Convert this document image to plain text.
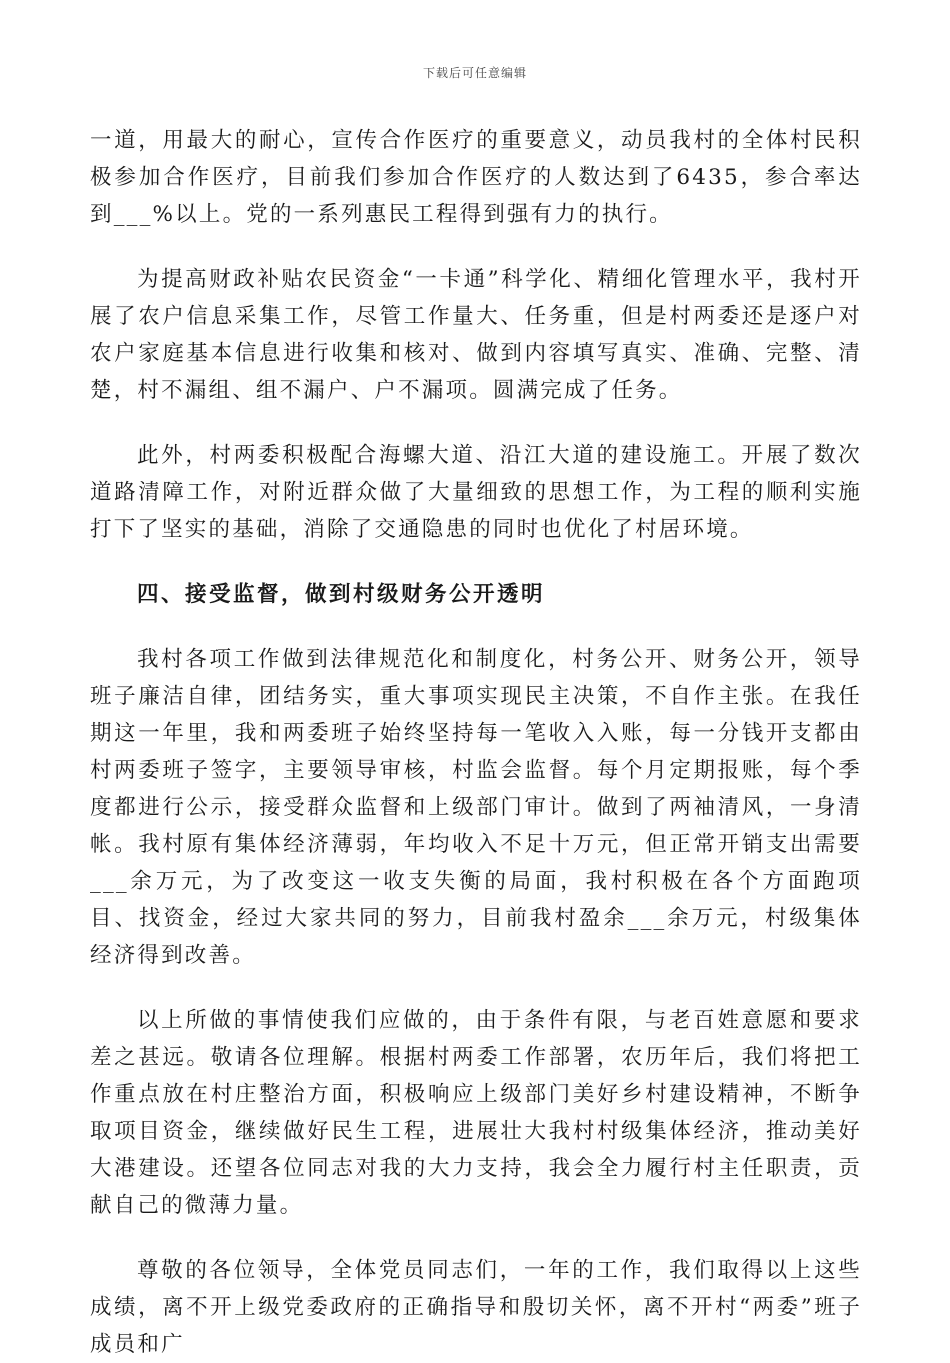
下载后可任意编辑

一道，用最大的耐心，宣传合作医疗的重要意义，动员我村的全体村民积极参加合作医疗，目前我们参加合作医疗的人数达到了6435，参合率达到___%以上。党的一系列惠民工程得到强有力的执行。

为提高财政补贴农民资金“一卡通”科学化、精细化管理水平，我村开展了农户信息采集工作，尽管工作量大、任务重，但是村两委还是逐户对农户家庭基本信息进行收集和核对、做到内容填写真实、准确、完整、清楚，村不漏组、组不漏户、户不漏项。圆满完成了任务。

此外，村两委积极配合海螺大道、沿江大道的建设施工。开展了数次道路清障工作，对附近群众做了大量细致的思想工作，为工程的顺利实施打下了坚实的基础，消除了交通隐患的同时也优化了村居环境。

四、接受监督，做到村级财务公开透明

我村各项工作做到法律规范化和制度化，村务公开、财务公开，领导班子廉洁自律，团结务实，重大事项实现民主决策，不自作主张。在我任期这一年里，我和两委班子始终坚持每一笔收入入账，每一分钱开支都由村两委班子签字，主要领导审核，村监会监督。每个月定期报账，每个季度都进行公示，接受群众监督和上级部门审计。做到了两袖清风，一身清帐。我村原有集体经济薄弱，年均收入不足十万元，但正常开销支出需要___余万元，为了改变这一收支失衡的局面，我村积极在各个方面跑项目、找资金，经过大家共同的努力，目前我村盈余___余万元，村级集体经济得到改善。

以上所做的事情使我们应做的，由于条件有限，与老百姓意愿和要求差之甚远。敬请各位理解。根据村两委工作部署，农历年后，我们将把工作重点放在村庄整治方面，积极响应上级部门美好乡村建设精神，不断争取项目资金，继续做好民生工程，进展壮大我村村级集体经济，推动美好大港建设。还望各位同志对我的大力支持，我会全力履行村主任职责，贡献自己的微薄力量。

尊敬的各位领导，全体党员同志们，一年的工作，我们取得以上这些成绩，离不开上级党委政府的正确指导和殷切关怀，离不开村“两委”班子成员和广
